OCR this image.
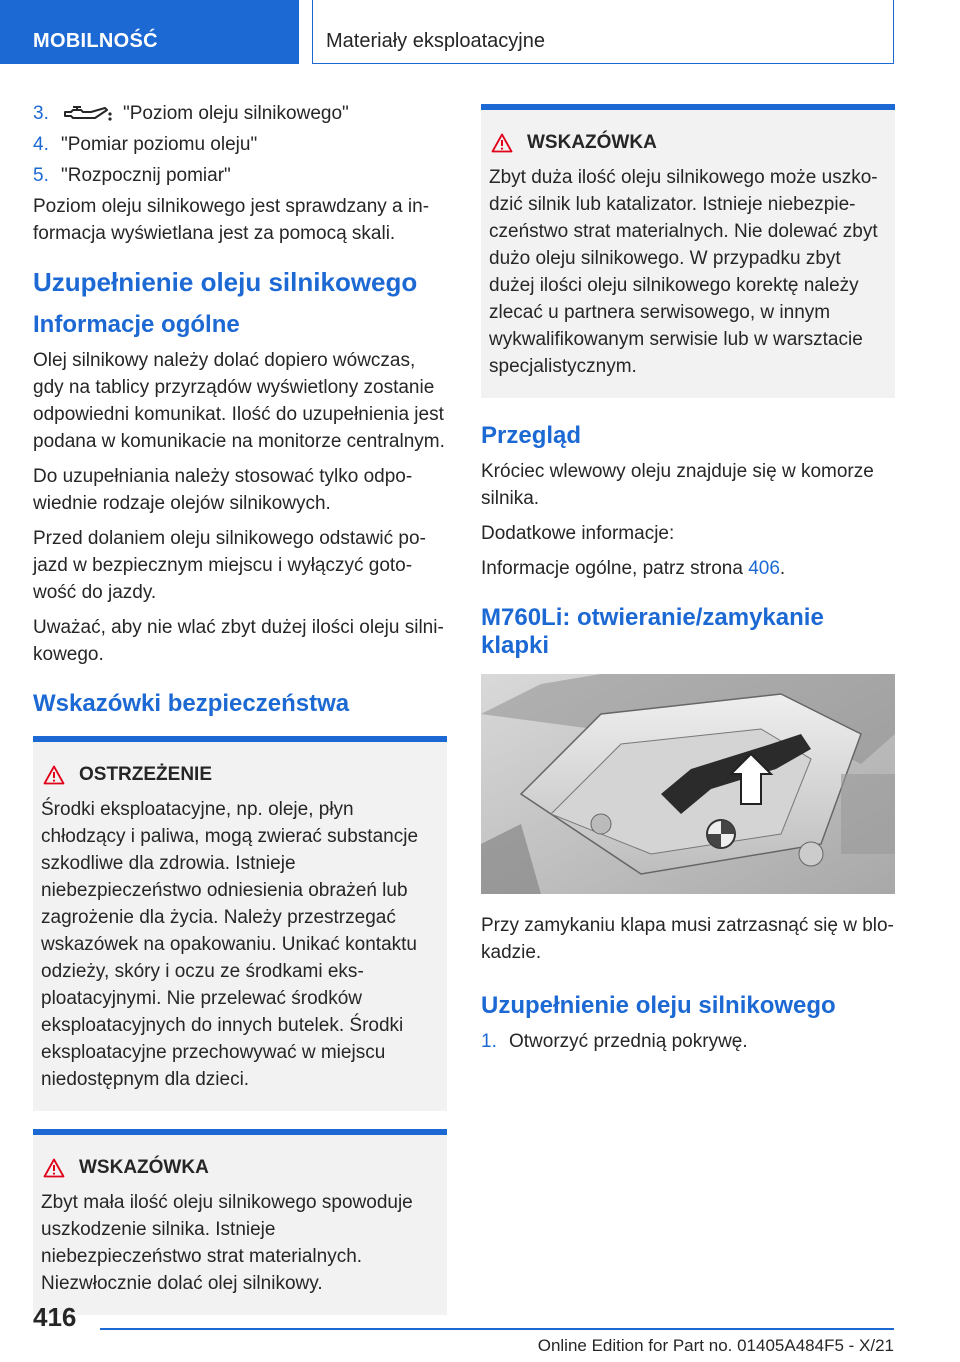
MOBILNOŚĆ	Materiały eksploatacyjne
3.	"Poziom oleju silnikowego"
4. "Pomiar poziomu oleju"
5. "Rozpocznij pomiar"

Poziom oleju silnikowego jest sprawdzany a informacja wyświetlana jest za pomocą skali.

Uzupełnienie oleju silnikowego
Informacje ogólne

Olej silnikowy należy dolać dopiero wówczas, gdy na tablicy przyrządów wyświetlony zostanie odpowiedni komunikat. Ilość do uzupełnienia jest podana w komunikacie na monitorze centralnym.

Do uzupełniania należy stosować tylko odpowiednie rodzaje olejów silnikowych.

Przed dolaniem oleju silnikowego odstawić pojazd w bezpiecznym miejscu i wyłączyć gotowość do jazdy.

Uważać, aby nie wlać zbyt dużej ilości oleju silnikowego.

Wskazówki bezpieczeństwa
OSTRZEŻENIE

Środki eksploatacyjne, np. oleje, płyn chłodzący i paliwa, mogą zwierać substancje szkodliwe dla zdrowia. Istnieje niebezpieczeństwo odniesienia obrażeń lub zagrożenie dla życia. Należy przestrzegać wskazówek na opakowaniu. Unikać kontaktu odzieży, skóry i oczu ze środkami eksploatacyjnymi. Nie przelewać środków eksploatacyjnych do innych butelek. Środki eksploatacyjne przechowywać w miejscu niedostępnym dla dzieci.

WSKAZÓWKA

Zbyt mała ilość oleju silnikowego spowoduje uszkodzenie silnika. Istnieje niebezpieczeństwo strat materialnych. Niezwłocznie dolać olej silnikowy.

WSKAZÓWKA

Zbyt duża ilość oleju silnikowego może uszkodzić silnik lub katalizator. Istnieje niebezpieczeństwo strat materialnych. Nie dolewać zbyt dużo oleju silnikowego. W przypadku zbyt dużej ilości oleju silnikowego korektę należy zlecać u partnera serwisowego, w innym wykwalifikowanym serwisie lub w warsztacie specjalistycznym.

Przegląd

Króciec wlewowy oleju znajduje się w komorze silnika.

Dodatkowe informacje:

Informacje ogólne, patrz strona 406.

M760Li: otwieranie/zamykanie klapki

Przy zamykaniu klapa musi zatrzasnąć się w blokadzie.

Uzupełnienie oleju silnikowego
1. Otworzyć przednią pokrywę.
416
Online Edition for Part no. 01405A484F5 - X/21
